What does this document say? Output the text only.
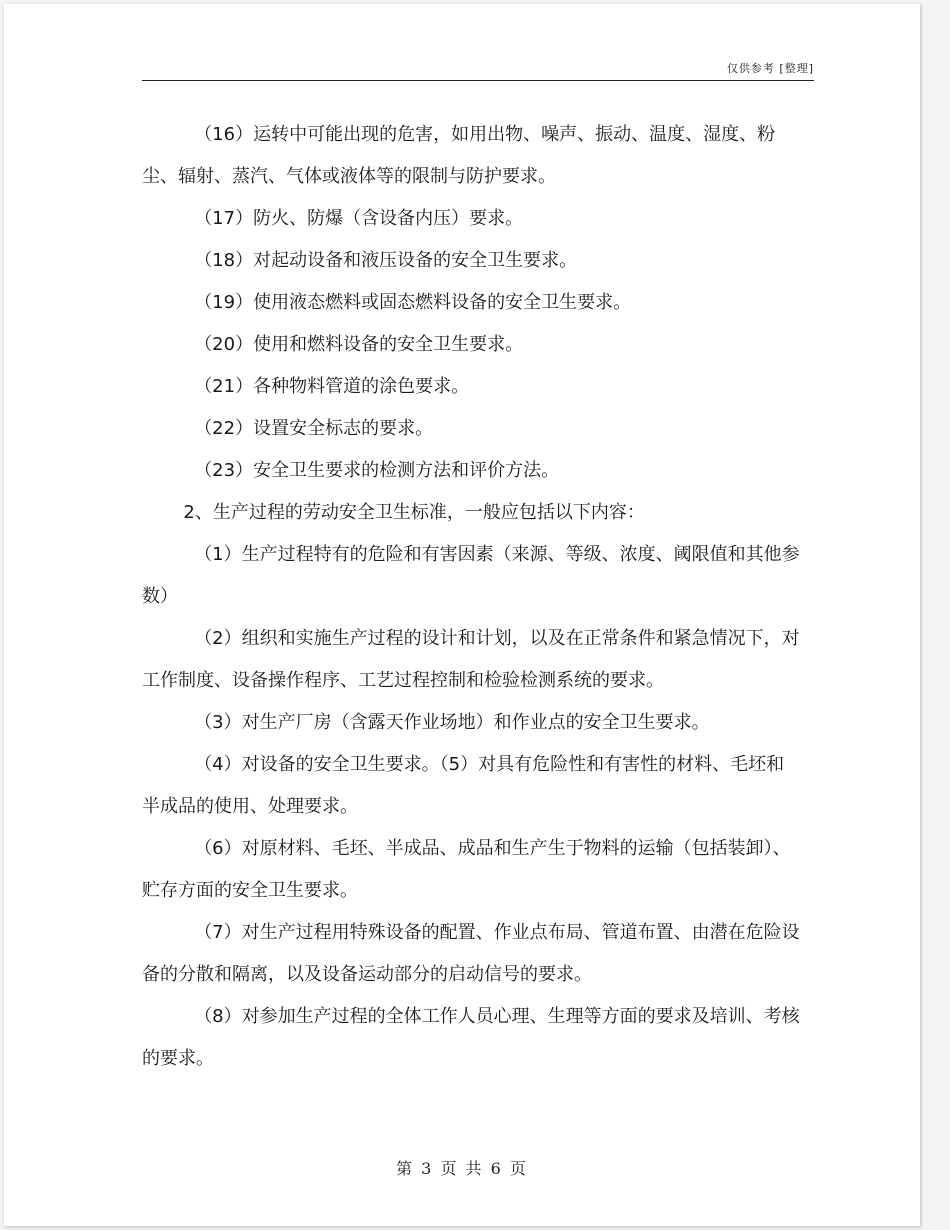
仅供参考 [整理]

（16）运转中可能出现的危害，如用出物、噪声、振动、温度、湿度、粉尘、辐射、蒸汽、气体或液体等的限制与防护要求。

（17）防火、防爆（含设备内压）要求。

（18）对起动设备和液压设备的安全卫生要求。

（19）使用液态燃料或固态燃料设备的安全卫生要求。

（20）使用和燃料设备的安全卫生要求。

（21）各种物料管道的涂色要求。

（22）设置安全标志的要求。

（23）安全卫生要求的检测方法和评价方法。

2、生产过程的劳动安全卫生标准，一般应包括以下内容：

（1）生产过程特有的危险和有害因素（来源、等级、浓度、阈限值和其他参数）

（2）组织和实施生产过程的设计和计划，以及在正常条件和紧急情况下，对工作制度、设备操作程序、工艺过程控制和检验检测系统的要求。

（3）对生产厂房（含露天作业场地）和作业点的安全卫生要求。

（4）对设备的安全卫生要求。（5）对具有危险性和有害性的材料、毛坯和半成品的使用、处理要求。

（6）对原材料、毛坯、半成品、成品和生产生于物料的运输（包括装卸）、贮存方面的安全卫生要求。

（7）对生产过程用特殊设备的配置、作业点布局、管道布置、由潜在危险设备的分散和隔离，以及设备运动部分的启动信号的要求。

（8）对参加生产过程的全体工作人员心理、生理等方面的要求及培训、考核的要求。

第 3 页 共 6 页
